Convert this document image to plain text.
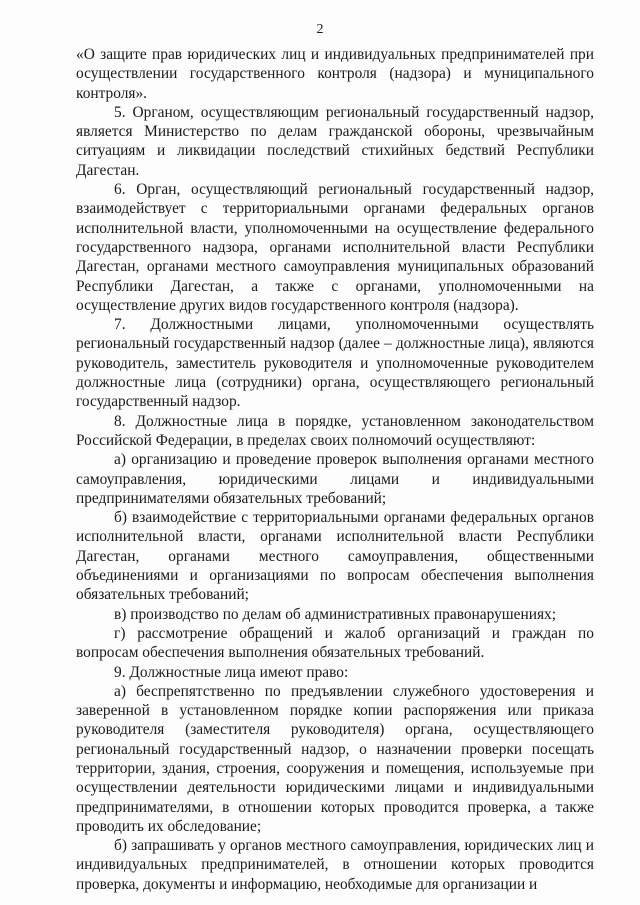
2

«О защите прав юридических лиц и индивидуальных предпринимателей при осуществлении государственного контроля (надзора) и муниципального контроля».

5. Органом, осуществляющим региональный государственный надзор, является Министерство по делам гражданской обороны, чрезвычайным ситуациям и ликвидации последствий стихийных бедствий Республики Дагестан.

6. Орган, осуществляющий региональный государственный надзор, взаимодействует с территориальными органами федеральных органов исполнительной власти, уполномоченными на осуществление федерального государственного надзора, органами исполнительной власти Республики Дагестан, органами местного самоуправления муниципальных образований Республики Дагестан, а также с органами, уполномоченными на осуществление других видов государственного контроля (надзора).

7. Должностными лицами, уполномоченными осуществлять региональный государственный надзор (далее – должностные лица), являются руководитель, заместитель руководителя и уполномоченные руководителем должностные лица (сотрудники) органа, осуществляющего региональный государственный надзор.

8. Должностные лица в порядке, установленном законодательством Российской Федерации, в пределах своих полномочий осуществляют:

а) организацию и проведение проверок выполнения органами местного самоуправления, юридическими лицами и индивидуальными предпринимателями обязательных требований;

б) взаимодействие с территориальными органами федеральных органов исполнительной власти, органами исполнительной власти Республики Дагестан, органами местного самоуправления, общественными объединениями и организациями по вопросам обеспечения выполнения обязательных требований;

в) производство по делам об административных правонарушениях;

г) рассмотрение обращений и жалоб организаций и граждан по вопросам обеспечения выполнения обязательных требований.

9. Должностные лица имеют право:

а) беспрепятственно по предъявлении служебного удостоверения и заверенной в установленном порядке копии распоряжения или приказа руководителя (заместителя руководителя) органа, осуществляющего региональный государственный надзор, о назначении проверки посещать территории, здания, строения, сооружения и помещения, используемые при осуществлении деятельности юридическими лицами и индивидуальными предпринимателями, в отношении которых проводится проверка, а также проводить их обследование;

б) запрашивать у органов местного самоуправления, юридических лиц и индивидуальных предпринимателей, в отношении которых проводится проверка, документы и информацию, необходимые для организации и
